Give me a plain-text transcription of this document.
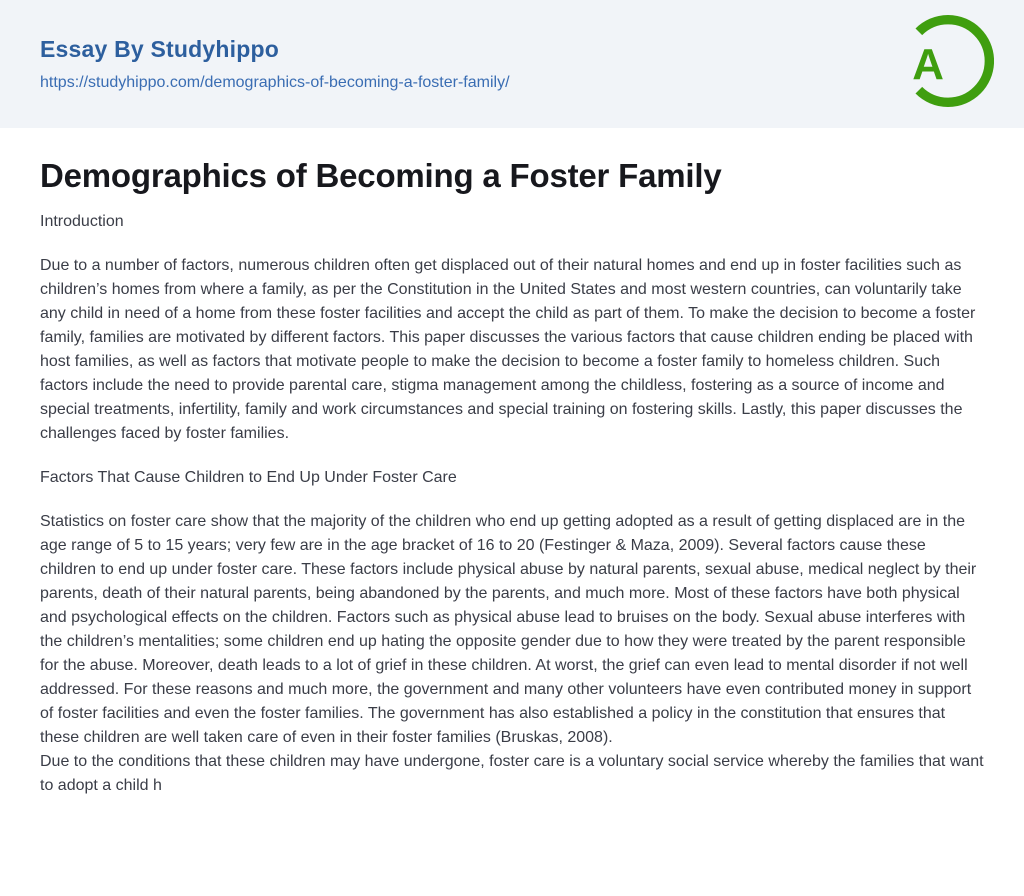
Essay By Studyhippo
https://studyhippo.com/demographics-of-becoming-a-foster-family/	A
Demographics of Becoming a Foster Family

Introduction

Due to a number of factors, numerous children often get displaced out of their natural homes and end up in foster facilities such as children’s homes from where a family, as per the Constitution in the United States and most western countries, can voluntarily take any child in need of a home from these foster facilities and accept the child as part of them. To make the decision to become a foster family, families are motivated by different factors. This paper discusses the various factors that cause children ending be placed with host families, as well as factors that motivate people to make the decision to become a foster family to homeless children. Such factors include the need to provide parental care, stigma management among the childless, fostering as a source of income and special treatments, infertility, family and work circumstances and special training on fostering skills. Lastly, this paper discusses the challenges faced by foster families.

Factors That Cause Children to End Up Under Foster Care

Statistics on foster care show that the majority of the children who end up getting adopted as a result of getting displaced are in the age range of 5 to 15 years; very few are in the age bracket of 16 to 20 (Festinger & Maza, 2009). Several factors cause these children to end up under foster care. These factors include physical abuse by natural parents, sexual abuse, medical neglect by their parents, death of their natural parents, being abandoned by the parents, and much more. Most of these factors have both physical and psychological effects on the children. Factors such as physical abuse lead to bruises on the body. Sexual abuse interferes with the children’s mentalities; some children end up hating the opposite gender due to how they were treated by the parent responsible for the abuse. Moreover, death leads to a lot of grief in these children. At worst, the grief can even lead to mental disorder if not well addressed. For these reasons and much more, the government and many other volunteers have even contributed money in support of foster facilities and even the foster families. The government has also established a policy in the constitution that ensures that these children are well taken care of even in their foster families (Bruskas, 2008).
Due to the conditions that these children may have undergone, foster care is a voluntary social service whereby the families that want to adopt a child h
